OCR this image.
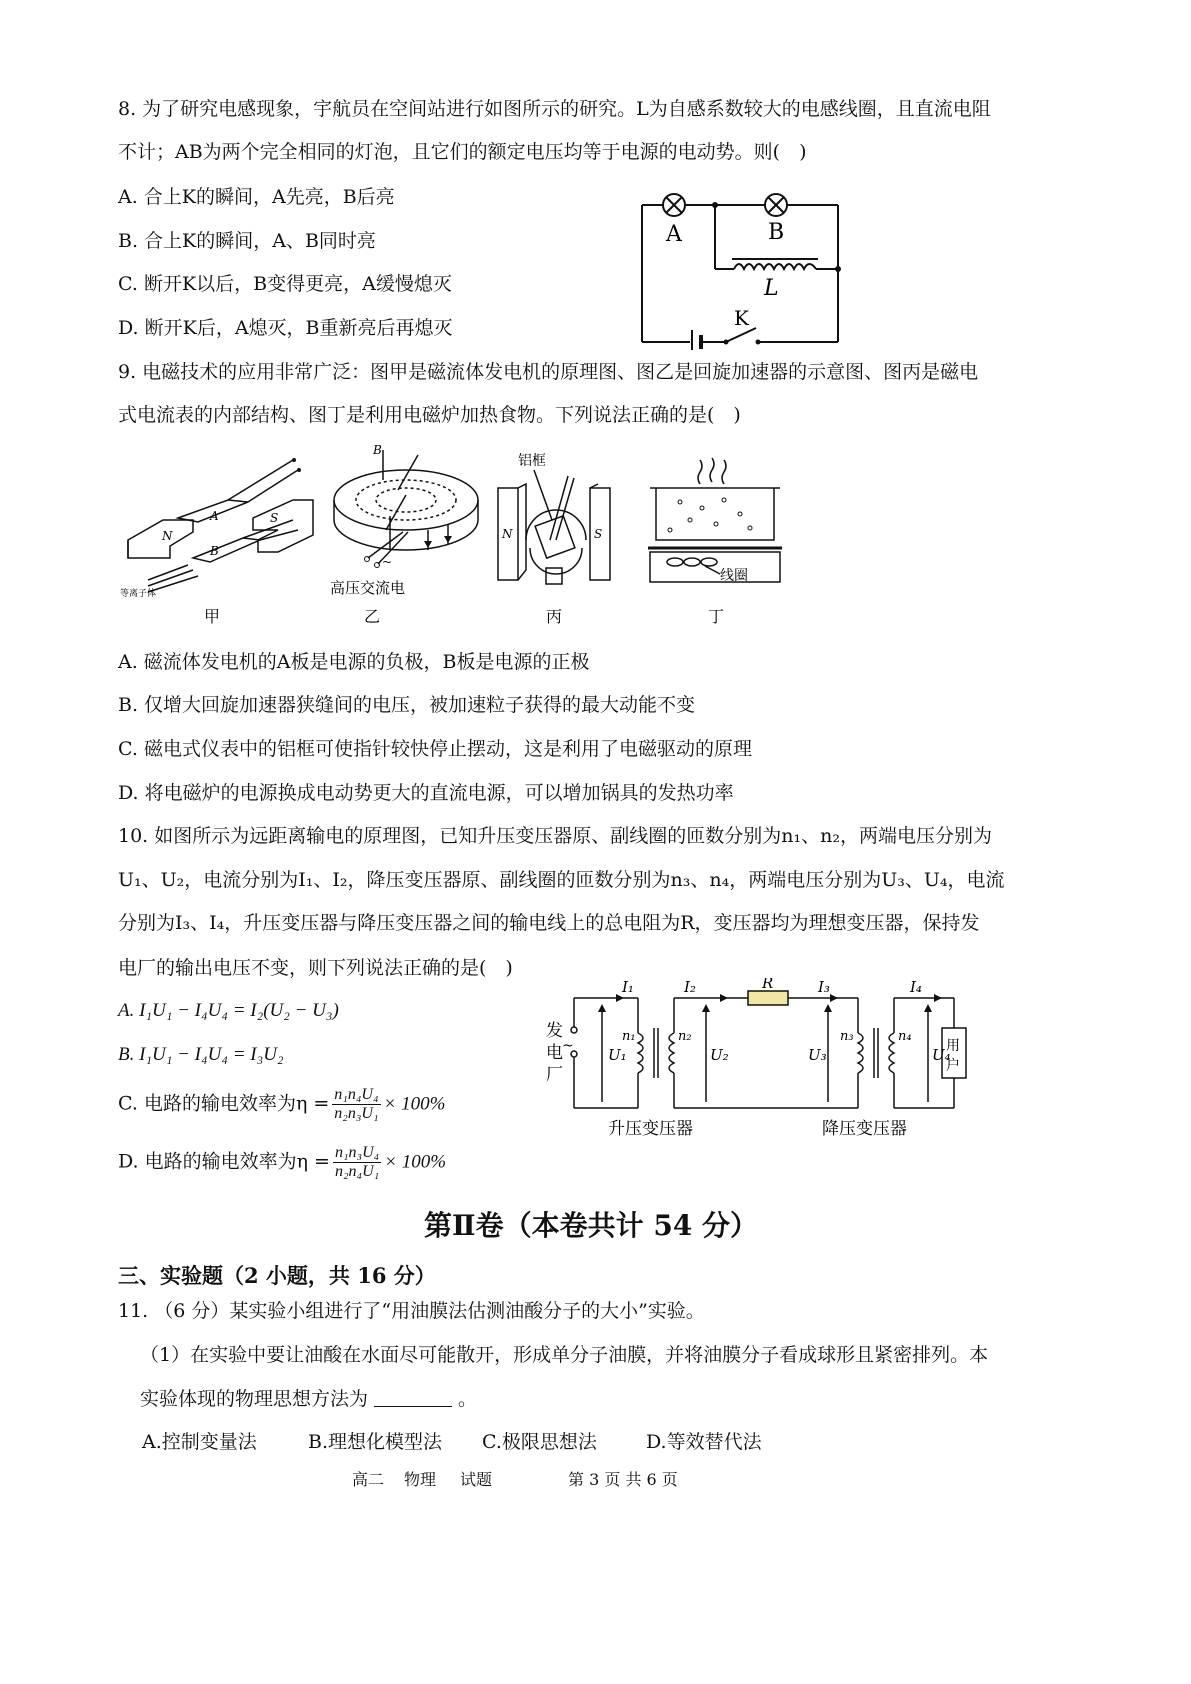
8. 为了研究电感现象，宇航员在空间站进行如图所示的研究。L为自感系数较大的电感线圈，且直流电阻
不计；AB为两个完全相同的灯泡，且它们的额定电压均等于电源的电动势。则(　)
A. 合上K的瞬间，A先亮，B后亮
B. 合上K的瞬间，A、B同时亮
C. 断开K以后，B变得更亮，A缓慢熄灭
D. 断开K后，A熄灭，B重新亮后再熄灭
A	B
L
K
9. 电磁技术的应用非常广泛：图甲是磁流体发电机的原理图、图乙是回旋加速器的示意图、图丙是磁电
式电流表的内部结构、图丁是利用电磁炉加热食物。下列说法正确的是(　)
N
A
B
S
等离子体
甲
B
~
高压交流电
乙
铝框
N	S
丙
线圈
丁
A. 磁流体发电机的A板是电源的负极，B板是电源的正极
B. 仅增大回旋加速器狭缝间的电压，被加速粒子获得的最大动能不变
C. 磁电式仪表中的铝框可使指针较快停止摆动，这是利用了电磁驱动的原理
D. 将电磁炉的电源换成电动势更大的直流电源，可以增加锅具的发热功率
10. 如图所示为远距离输电的原理图，已知升压变压器原、副线圈的匝数分别为n₁、n₂，两端电压分别为
U₁、U₂，电流分别为I₁、I₂，降压变压器原、副线圈的匝数分别为n₃、n₄，两端电压分别为U₃、U₄，电流
分别为I₃、I₄，升压变压器与降压变压器之间的输电线上的总电阻为R，变压器均为理想变压器，保持发
电厂的输出电压不变，则下列说法正确的是(　)
A. I₁U₁ − I₄U₄ = I₂(U₂ − U₃)
B. I₁U₁ − I₄U₄ = I₃U₂
C. 电路的输电效率为$\eta = \frac{\text{n₁n₄U₄}}{\text{n₂n₃U₁}} \times 100\%$
D. 电路的输电效率为$\eta = \frac{\text{n₁n₃U₄}}{\text{n₂n₄U₁}} \times 100\%$
发
电
厂
~
I₁	I₂	R	I₃	I₄
U₁
n₁	n₂
U₂	U₃
n₃	n₄
U₄
用
户
升压变压器	降压变压器
第Ⅱ卷（本卷共计 54 分）
三、实验题（2 小题，共 16 分）
11. （6 分）某实验小组进行了“用油膜法估测油酸分子的大小”实验。
（1）在实验中要让油酸在水面尽可能散开，形成单分子油膜，并将油膜分子看成球形且紧密排列。本
实验体现的物理思想方法为	。
A.控制变量法	B.理想化模型法 C.极限思想法	D.等效替代法
高二 物理 试题	第 3 页 共 6 页
